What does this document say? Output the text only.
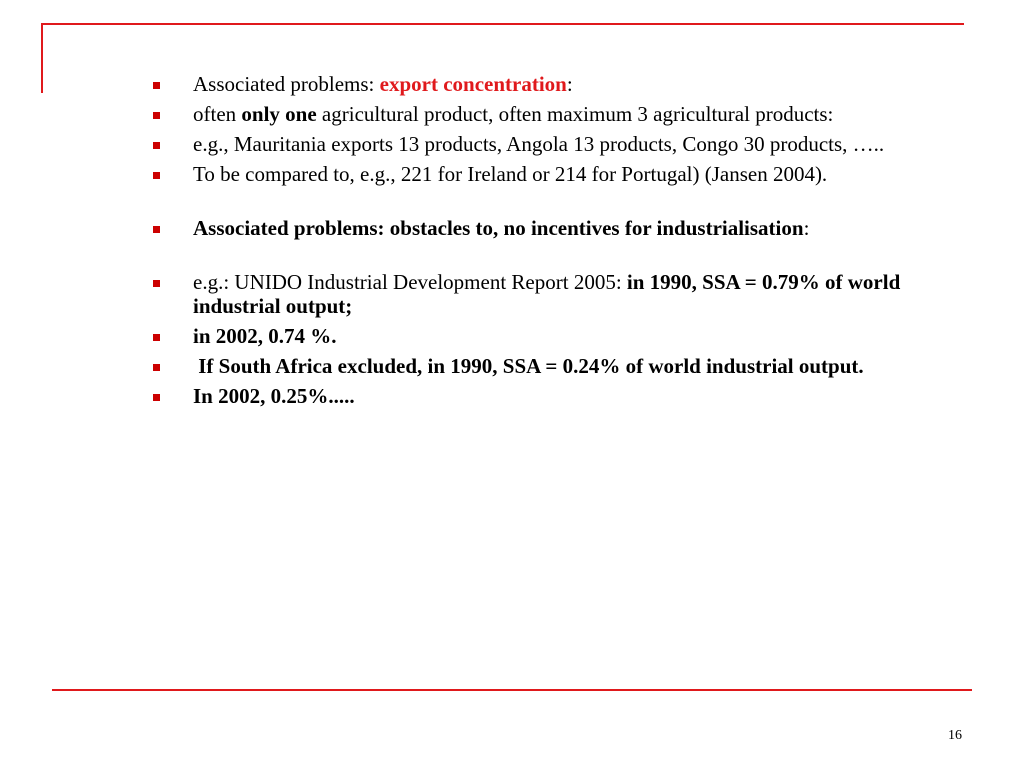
Associated problems: export concentration:
often only one agricultural product, often maximum 3 agricultural products:
e.g., Mauritania exports 13 products, Angola 13 products, Congo 30 products, …..
To be compared to, e.g., 221 for Ireland or 214 for Portugal) (Jansen 2004).
Associated problems: obstacles to, no incentives for industrialisation:
e.g.: UNIDO Industrial Development Report 2005: in 1990, SSA = 0.79% of world industrial output;
in 2002, 0.74 %.
If South Africa excluded, in 1990, SSA = 0.24% of world industrial output.
In 2002, 0.25%.....
16
